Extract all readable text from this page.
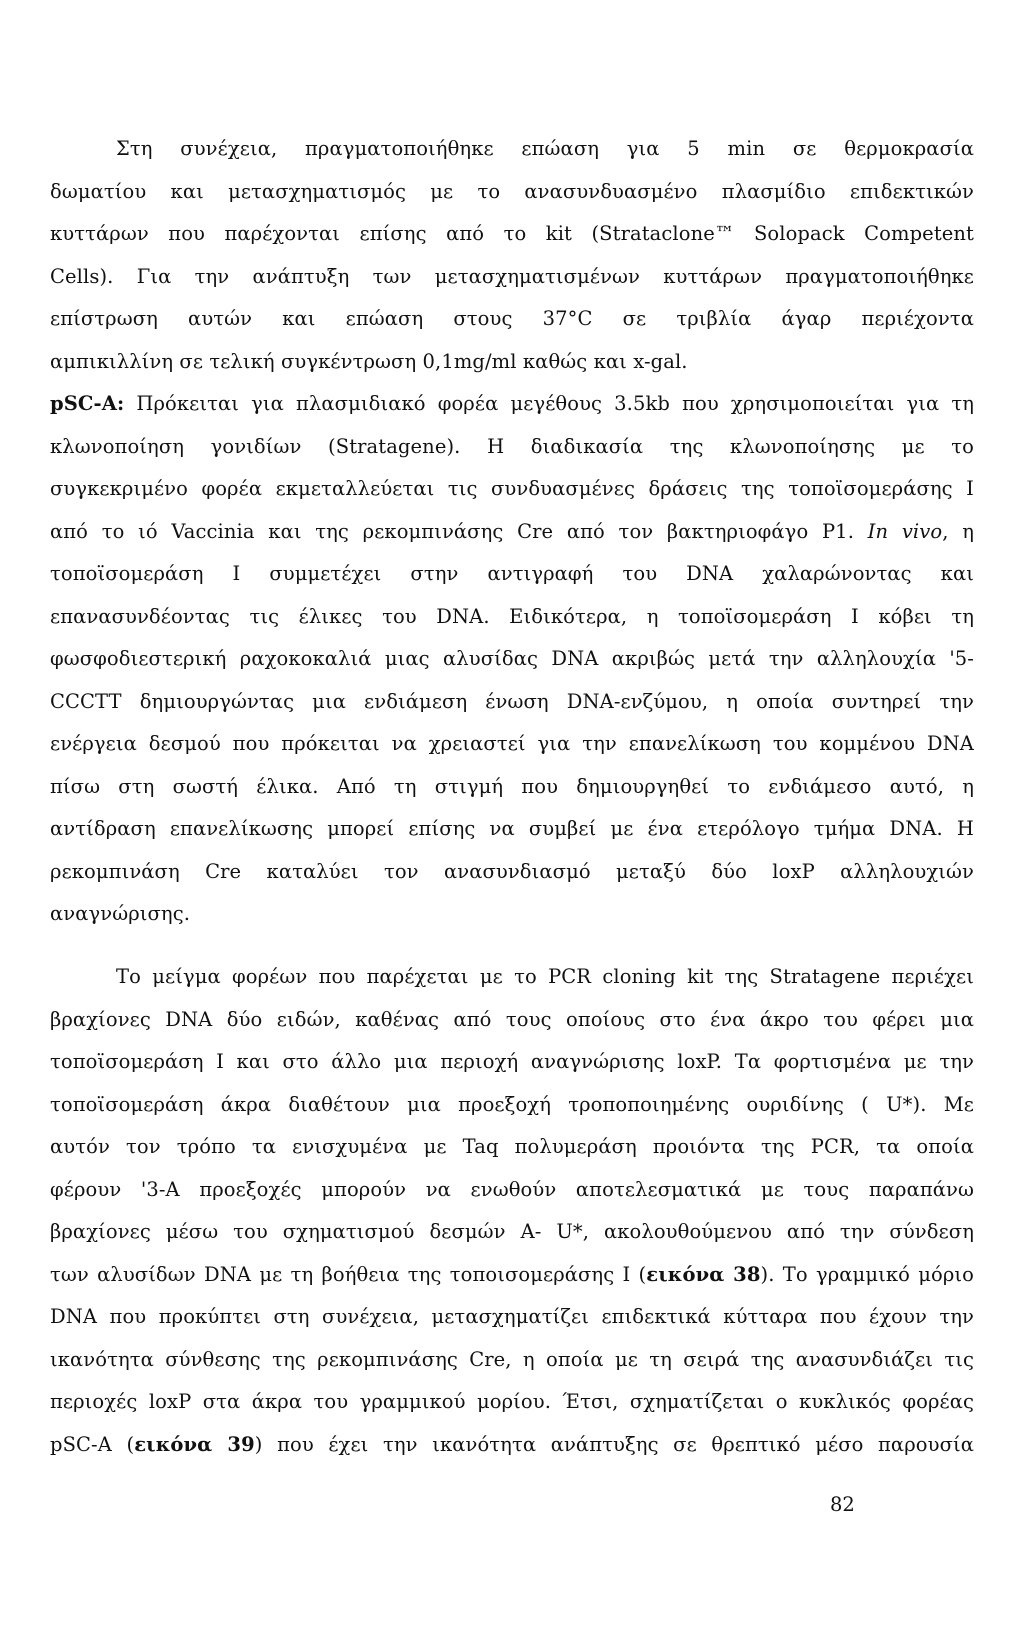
Στη συνέχεια, πραγματοποιήθηκε επώαση για 5 min σε θερμοκρασία
δωματίου και μετασχηματισμός με το ανασυνδυασμένο πλασμίδιο επιδεκτικών
κυττάρων που παρέχονται επίσης από το kit (Strataclone™ Solopack Competent
Cells). Για την ανάπτυξη των μετασχηματισμένων κυττάρων πραγματοποιήθηκε
επίστρωση αυτών και επώαση στους 37°C σε τριβλία άγαρ περιέχοντα
αμπικιλλίνη σε τελική συγκέντρωση 0,1mg/ml καθώς και x-gal.
pSC-A: Πρόκειται για πλασμιδιακό φορέα μεγέθους 3.5kb που χρησιμοποιείται για τη
κλωνοποίηση γονιδίων (Stratagene). Η διαδικασία της κλωνοποίησης με το
συγκεκριμένο φορέα εκμεταλλεύεται τις συνδυασμένες δράσεις της τοποϊσομεράσης Ι
από το ιό Vaccinia και της ρεκομπινάσης Cre από τον βακτηριοφάγο P1. In vivo, η
τοποϊσομεράση Ι συμμετέχει στην αντιγραφή του DNA χαλαρώνοντας και
επανασυνδέοντας τις έλικες του DNA. Ειδικότερα, η τοποϊσομεράση Ι κόβει τη
φωσφοδιεστερική ραχοκοκαλιά μιας αλυσίδας DNA ακριβώς μετά την αλληλουχία '5-
CCCTT δημιουργώντας μια ενδιάμεση ένωση DNA-ενζύμου, η οποία συντηρεί την
ενέργεια δεσμού που πρόκειται να χρειαστεί για την επανελίκωση του κομμένου DNA
πίσω στη σωστή έλικα. Από τη στιγμή που δημιουργηθεί το ενδιάμεσο αυτό, η
αντίδραση επανελίκωσης μπορεί επίσης να συμβεί με ένα ετερόλογο τμήμα DNA. Η
ρεκομπινάση Cre καταλύει τον ανασυνδιασμό μεταξύ δύο loxP αλληλουχιών
αναγνώρισης.
Το μείγμα φορέων που παρέχεται με το PCR cloning kit της Stratagene περιέχει
βραχίονες DNA δύο ειδών, καθένας από τους οποίους στο ένα άκρο του φέρει μια
τοποϊσομεράση Ι και στο άλλο μια περιοχή αναγνώρισης loxP. Τα φορτισμένα με την
τοποϊσομεράση άκρα διαθέτουν μια προεξοχή τροποποιημένης ουριδίνης ( U*). Με
αυτόν τον τρόπο τα ενισχυμένα με Taq πολυμεράση προιόντα της PCR, τα οποία
φέρουν '3-A προεξοχές μπορούν να ενωθούν αποτελεσματικά με τους παραπάνω
βραχίονες μέσω του σχηματισμού δεσμών A- U*, ακολουθούμενου από την σύνδεση
των αλυσίδων DNA με τη βοήθεια της τοποισομεράσης Ι (εικόνα 38). Το γραμμικό μόριο
DNA που προκύπτει στη συνέχεια, μετασχηματίζει επιδεκτικά κύτταρα που έχουν την
ικανότητα σύνθεσης της ρεκομπινάσης Cre, η οποία με τη σειρά της ανασυνδιάζει τις
περιοχές loxP στα άκρα του γραμμικού μορίου. Έτσι, σχηματίζεται ο κυκλικός φορέας
pSC-A (εικόνα 39) που έχει την ικανότητα ανάπτυξης σε θρεπτικό μέσο παρουσία
82
